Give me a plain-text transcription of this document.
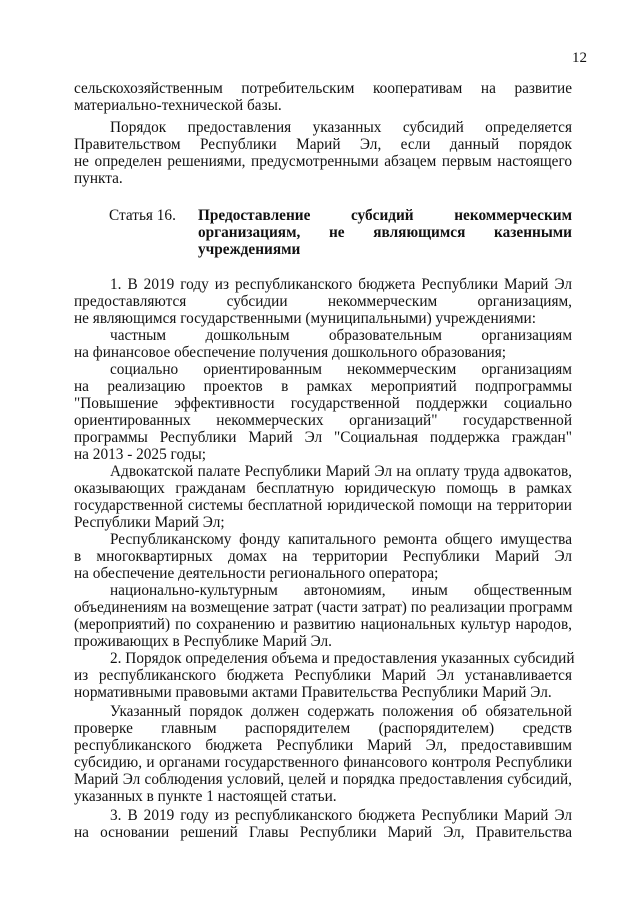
12
сельскохозяйственным потребительским кооперативам на развитие
материально-технической базы.
Порядок предоставления указанных субсидий определяется
Правительством Республики Марий Эл, если данный порядок
не определен решениями, предусмотренными абзацем первым настоящего
пункта.
Статья 16. Предоставление субсидий некоммерческим
организациям, не являющимся казенными
учреждениями
1. В 2019 году из республиканского бюджета Республики Марий Эл
предоставляются субсидии некоммерческим организациям,
не являющимся государственными (муниципальными) учреждениями:
частным дошкольным образовательным организациям
на финансовое обеспечение получения дошкольного образования;
социально ориентированным некоммерческим организациям
на реализацию проектов в рамках мероприятий подпрограммы
"Повышение эффективности государственной поддержки социально
ориентированных некоммерческих организаций" государственной
программы Республики Марий Эл "Социальная поддержка граждан"
на 2013 - 2025 годы;
Адвокатской палате Республики Марий Эл на оплату труда адвокатов,
оказывающих гражданам бесплатную юридическую помощь в рамках
государственной системы бесплатной юридической помощи на территории
Республики Марий Эл;
Республиканскому фонду капитального ремонта общего имущества
в многоквартирных домах на территории Республики Марий Эл
на обеспечение деятельности регионального оператора;
национально-культурным автономиям, иным общественным
объединениям на возмещение затрат (части затрат) по реализации программ
(мероприятий) по сохранению и развитию национальных культур народов,
проживающих в Республике Марий Эл.
2. Порядок определения объема и предоставления указанных субсидий
из республиканского бюджета Республики Марий Эл устанавливается
нормативными правовыми актами Правительства Республики Марий Эл.
Указанный порядок должен содержать положения об обязательной
проверке главным распорядителем (распорядителем) средств
республиканского бюджета Республики Марий Эл, предоставившим
субсидию, и органами государственного финансового контроля Республики
Марий Эл соблюдения условий, целей и порядка предоставления субсидий,
указанных в пункте 1 настоящей статьи.
3. В 2019 году из республиканского бюджета Республики Марий Эл
на основании решений Главы Республики Марий Эл, Правительства
